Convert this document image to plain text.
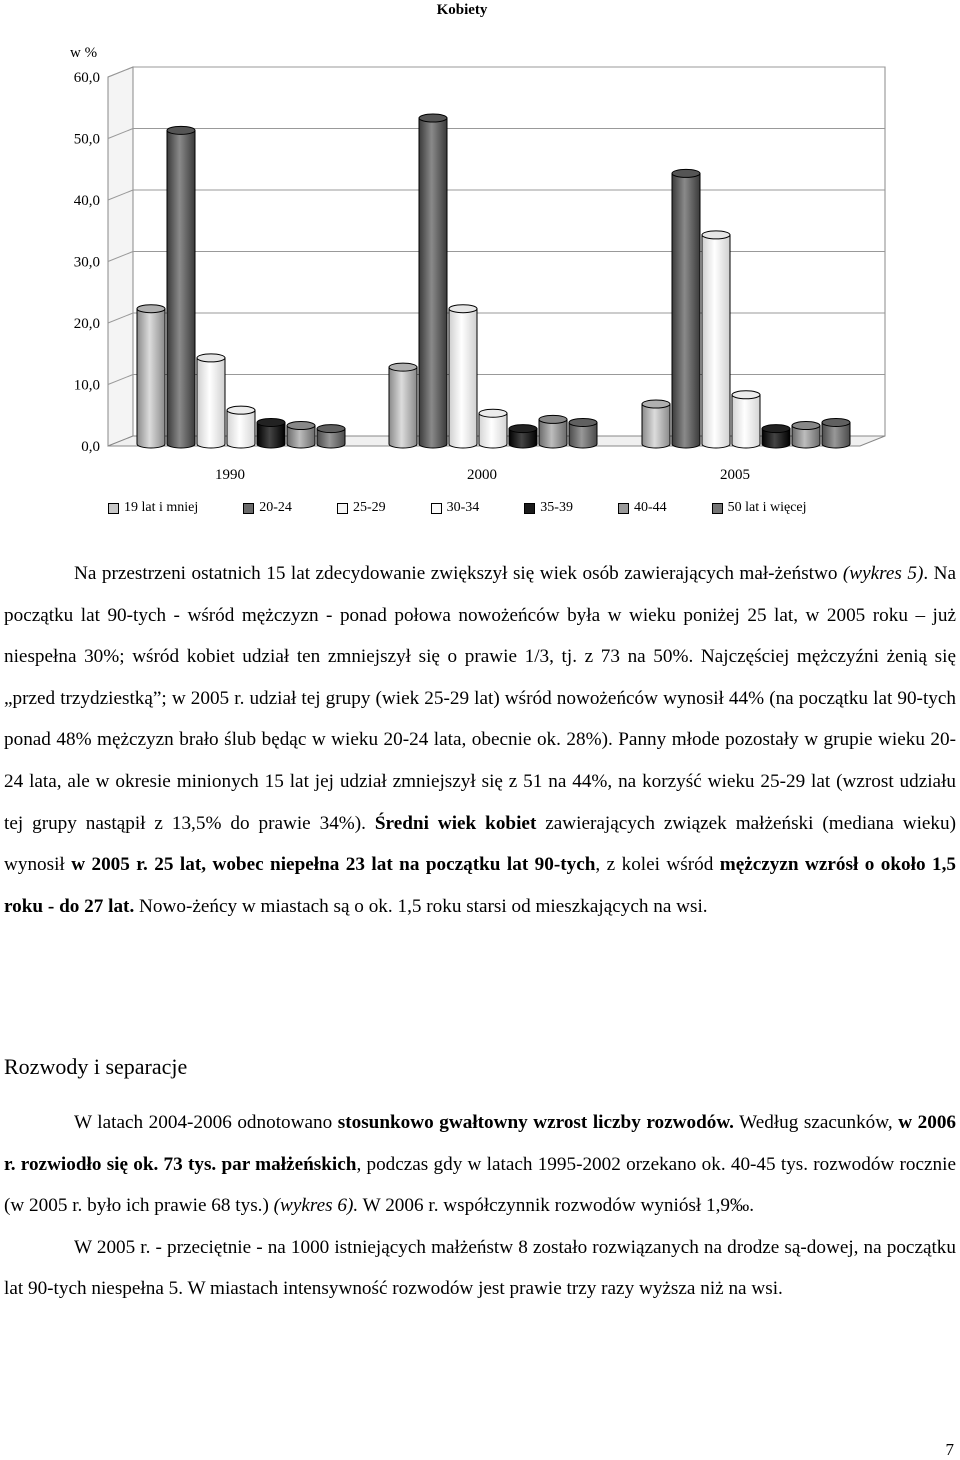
Kobiety
w %
0,0
10,0
20,0
30,0
40,0
50,0
60,0
1990	2000	2005
19 lat i mniej	20-24	25-29	30-34	35-39	40-44	50 lat i więcej

Na przestrzeni ostatnich 15 lat zdecydowanie zwiększył się wiek osób zawierających mał-żeństwo (wykres 5). Na początku lat 90-tych - wśród mężczyzn - ponad połowa nowożeńców była w wieku poniżej 25 lat, w 2005 roku – już niespełna 30%; wśród kobiet udział ten zmniejszył się o prawie 1/3, tj. z 73 na 50%. Najczęściej mężczyźni żenią się „przed trzydziestką”; w 2005 r. udział tej grupy (wiek 25-29 lat) wśród nowożeńców wynosił 44% (na początku lat 90-tych ponad 48% mężczyzn brało ślub będąc w wieku 20-24 lata, obecnie ok. 28%). Panny młode pozostały w grupie wieku 20-24 lata, ale w okresie minionych 15 lat jej udział zmniejszył się z 51 na 44%, na korzyść wieku 25-29 lat (wzrost udziału tej grupy nastąpił z 13,5% do prawie 34%). Średni wiek kobiet zawierających związek małżeński (mediana wieku) wynosił w 2005 r. 25 lat, wobec niepełna 23 lat na początku lat 90-tych, z kolei wśród mężczyzn wzrósł o około 1,5 roku - do 27 lat. Nowo-żeńcy w miastach są o ok. 1,5 roku starsi od mieszkających na wsi.

Rozwody i separacje

W latach 2004-2006 odnotowano stosunkowo gwałtowny wzrost liczby rozwodów. Według szacunków, w 2006 r. rozwiodło się ok. 73 tys. par małżeńskich, podczas gdy w latach 1995-2002 orzekano ok. 40-45 tys. rozwodów rocznie (w 2005 r. było ich prawie 68 tys.) (wykres 6). W 2006 r. współczynnik rozwodów wyniósł 1,9‰.

W 2005 r. - przeciętnie - na 1000 istniejących małżeństw 8 zostało rozwiązanych na drodze są-dowej, na początku lat 90-tych niespełna 5. W miastach intensywność rozwodów jest prawie trzy razy wyższa niż na wsi.

7
